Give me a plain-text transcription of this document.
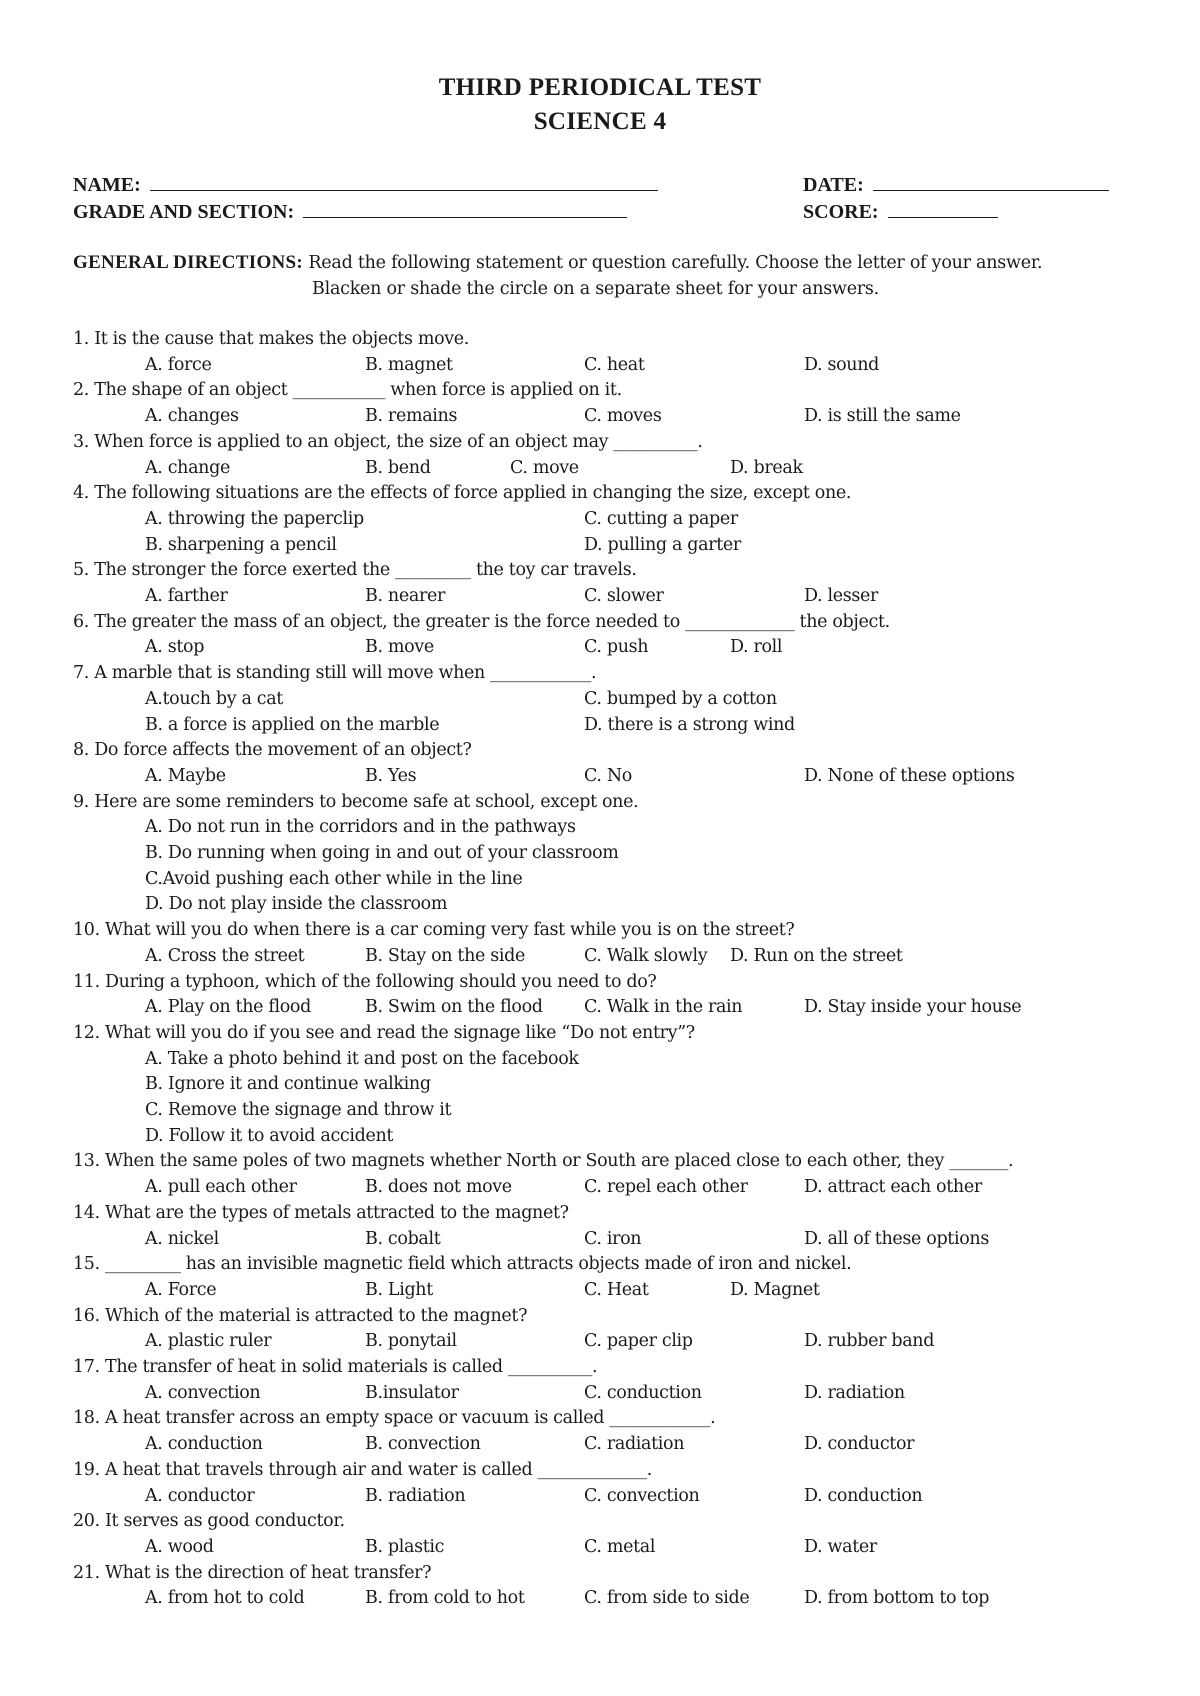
THIRD PERIODICAL TEST
SCIENCE 4
NAME:	DATE:
GRADE AND SECTION:	SCORE:
GENERAL DIRECTIONS: Read the following statement or question carefully. Choose the letter of your answer.
Blacken or shade the circle on a separate sheet for your answers.
1. It is the cause that makes the objects move.
A. force	B. magnet	C. heat	D. sound
2. The shape of an object ___________ when force is applied on it.
A. changes	B. remains	C. moves	D. is still the same
3. When force is applied to an object, the size of an object may __________.
A. change	B. bend	C. move	D. break
4. The following situations are the effects of force applied in changing the size, except one.
A. throwing the paperclip	C. cutting a paper
B. sharpening a pencil	D. pulling a garter
5. The stronger the force exerted the _________ the toy car travels.
A. farther	B. nearer	C. slower	D. lesser
6. The greater the mass of an object, the greater is the force needed to _____________ the object.
A. stop	B. move	C. push	D. roll
7. A marble that is standing still will move when ____________.
A.touch by a cat	C. bumped by a cotton
B. a force is applied on the marble	D. there is a strong wind
8. Do force affects the movement of an object?
A. Maybe	B. Yes	C. No	D. None of these options
9. Here are some reminders to become safe at school, except one.
A. Do not run in the corridors and in the pathways
B. Do running when going in and out of your classroom
C.Avoid pushing each other while in the line
D. Do not play inside the classroom
10. What will you do when there is a car coming very fast while you is on the street?
A. Cross the street	B. Stay on the side	C. Walk slowly D. Run on the street
11. During a typhoon, which of the following should you need to do?
A. Play on the flood	B. Swim on the flood C. Walk in the rain	D. Stay inside your house
12. What will you do if you see and read the signage like “Do not entry”?
A. Take a photo behind it and post on the facebook
B. Ignore it and continue walking
C. Remove the signage and throw it
D. Follow it to avoid accident
13. When the same poles of two magnets whether North or South are placed close to each other, they _______.
A. pull each other	B. does not move	C. repel each other	D. attract each other
14. What are the types of metals attracted to the magnet?
A. nickel	B. cobalt	C. iron	D. all of these options
15. _________ has an invisible magnetic field which attracts objects made of iron and nickel.
A. Force	B. Light	C. Heat	D. Magnet
16. Which of the material is attracted to the magnet?
A. plastic ruler	B. ponytail	C. paper clip	D. rubber band
17. The transfer of heat in solid materials is called __________.
A. convection	B.insulator	C. conduction	D. radiation
18. A heat transfer across an empty space or vacuum is called ____________.
A. conduction	B. convection	C. radiation	D. conductor
19. A heat that travels through air and water is called _____________.
A. conductor	B. radiation	C. convection	D. conduction
20. It serves as good conductor.
A. wood	B. plastic	C. metal	D. water
21. What is the direction of heat transfer?
A. from hot to cold	B. from cold to hot	C. from side to side	D. from bottom to top
